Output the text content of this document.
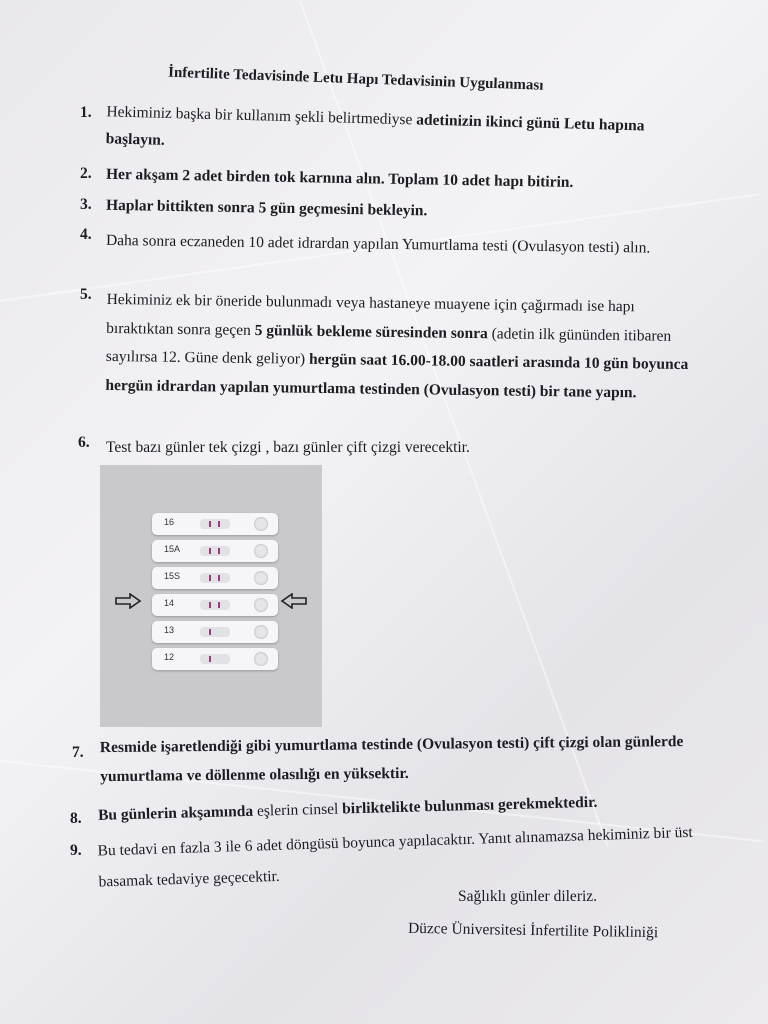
İnfertilite Tedavisinde Letu Hapı Tedavisinin Uygulanması
1. Hekiminiz başka bir kullanım şekli belirtmediyse adetinizin ikinci günü Letu hapına başlayın.
2. Her akşam 2 adet birden tok karnına alın. Toplam 10 adet hapı bitirin.
3. Haplar bittikten sonra 5 gün geçmesini bekleyin.
4. Daha sonra eczaneden 10 adet idrardan yapılan Yumurtlama testi (Ovulasyon testi) alın.
5. Hekiminiz ek bir öneride bulunmadı veya hastaneye muayene için çağırmadı ise hapı bıraktıktan sonra geçen 5 günlük bekleme süresinden sonra (adetin ilk gününden itibaren sayılırsa 12. Güne denk geliyor) hergün saat 16.00-18.00 saatleri arasında 10 gün boyunca hergün idrardan yapılan yumurtlama testinden (Ovulasyon testi) bir tane yapın.
6. Test bazı günler tek çizgi , bazı günler çift çizgi verecektir.
16
15A
15S
14
13
12
7. Resmide işaretlendiği gibi yumurtlama testinde (Ovulasyon testi) çift çizgi olan günlerde yumurtlama ve döllenme olasılığı en yüksektir.
8. Bu günlerin akşamında eşlerin cinsel birliktelikte bulunması gerekmektedir.
9. Bu tedavi en fazla 3 ile 6 adet döngüsü boyunca yapılacaktır. Yanıt alınamazsa hekiminiz bir üst basamak tedaviye geçecektir.
Sağlıklı günler dileriz.
Düzce Üniversitesi İnfertilite Polikliniği
